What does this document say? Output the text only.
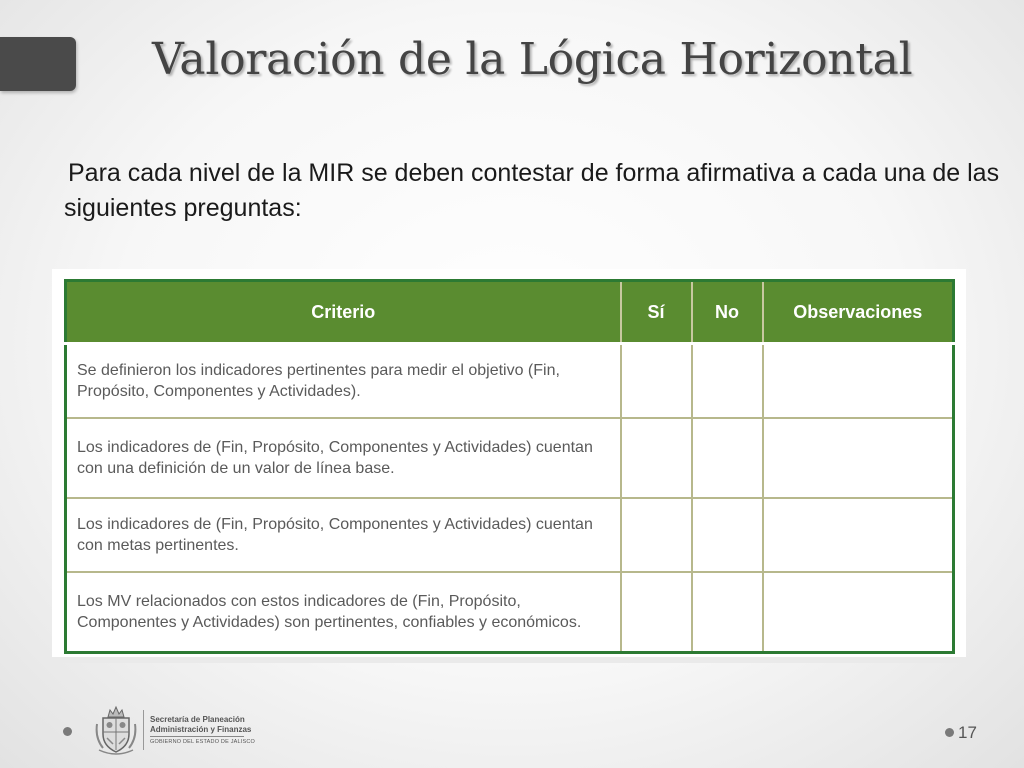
Valoración de la Lógica Horizontal

Para cada nivel de la MIR se deben contestar de forma afirmativa a cada una de las siguientes preguntas:

Criterio	Sí	No	Observaciones
Se definieron los indicadores pertinentes para medir el objetivo (Fin, Propósito, Componentes y Actividades).			
Los indicadores de (Fin, Propósito, Componentes y Actividades) cuentan con una definición de un valor de línea base.			
Los indicadores de (Fin, Propósito, Componentes y Actividades) cuentan con metas pertinentes.			
Los MV relacionados con estos indicadores de (Fin, Propósito, Componentes y Actividades) son pertinentes, confiables y económicos.			
Secretaría de Planeación
Administración y Finanzas
GOBIERNO DEL ESTADO DE JALISCO	17
